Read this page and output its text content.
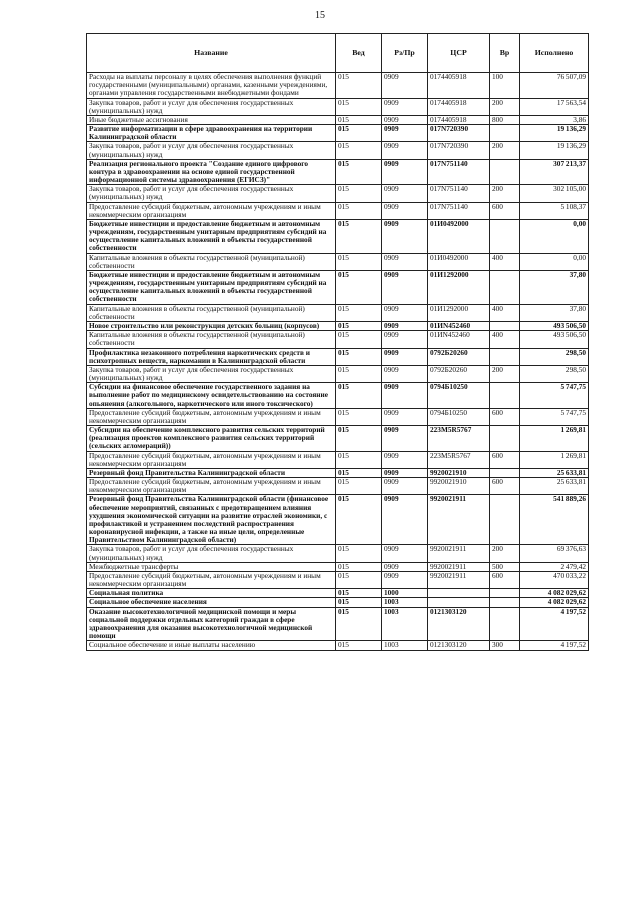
15
Название	Вед	Рз/Пр	ЦСР	Вр	Исполнено
Расходы на выплаты персоналу в целях обеспечения выполнения функций государственными (муниципальными) органами, казенными учреждениями, органами управления государственными внебюджетными фондами	015	0909	0174405918	100	76 507,09
Закупка товаров, работ и услуг для обеспечения государственных (муниципальных) нужд	015	0909	0174405918	200	17 563,54
Иные бюджетные ассигнования	015	0909	0174405918	800	3,86
Развитие информатизации в сфере здравоохранения на территории Калининградской области	015	0909	017N720390		19 136,29
Закупка товаров, работ и услуг для обеспечения государственных (муниципальных) нужд	015	0909	017N720390	200	19 136,29
Реализация регионального проекта "Создание единого цифрового контура в здравоохранении на основе единой государственной информационной системы здравоохранения (ЕГИСЗ)"	015	0909	017N751140		307 213,37
Закупка товаров, работ и услуг для обеспечения государственных (муниципальных) нужд	015	0909	017N751140	200	302 105,00
Предоставление субсидий бюджетным, автономным учреждениям и иным некоммерческим организациям	015	0909	017N751140	600	5 108,37
Бюджетные инвестиции и предоставление бюджетным и автономным учреждениям, государственным унитарным предприятиям субсидий на осуществление капитальных вложений в объекты государственной собственности	015	0909	01И0492000		0,00
Капитальные вложения в объекты государственной (муниципальной) собственности	015	0909	01И0492000	400	0,00
Бюджетные инвестиции и предоставление бюджетным и автономным учреждениям, государственным унитарным предприятиям субсидий на осуществление капитальных вложений в объекты государственной собственности	015	0909	01И1292000		37,80
Капитальные вложения в объекты государственной (муниципальной) собственности	015	0909	01И1292000	400	37,80
Новое строительство или реконструкция детских больниц (корпусов)	015	0909	01ИN452460		493 506,50
Капитальные вложения в объекты государственной (муниципальной) собственности	015	0909	01ИN452460	400	493 506,50
Профилактика незаконного потребления наркотических средств и психотропных веществ, наркомании в Калининградской области	015	0909	0792Б20260		298,50
Закупка товаров, работ и услуг для обеспечения государственных (муниципальных) нужд	015	0909	0792Б20260	200	298,50
Субсидии на финансовое обеспечение государственного задания на выполнение работ по медицинскому освидетельствованию на состояние опьянения (алкогольного, наркотического или иного токсического)	015	0909	0794Б10250		5 747,75
Предоставление субсидий бюджетным, автономным учреждениям и иным некоммерческим организациям	015	0909	0794Б10250	600	5 747,75
Субсидии на обеспечение комплексного развития сельских территорий (реализация проектов комплексного развития сельских территорий (сельских агломераций))	015	0909	223М5R5767		1 269,81
Предоставление субсидий бюджетным, автономным учреждениям и иным некоммерческим организациям	015	0909	223М5R5767	600	1 269,81
Резервный фонд Правительства Калининградской области	015	0909	9920021910		25 633,81
Предоставление субсидий бюджетным, автономным учреждениям и иным некоммерческим организациям	015	0909	9920021910	600	25 633,81
Резервный фонд Правительства Калининградской области (финансовое обеспечение мероприятий, связанных с предотвращением влияния ухудшения экономической ситуации на развитие отраслей экономики, с профилактикой и устранением последствий распространения коронавирусной инфекции, а также на иные цели, определенные Правительством Калининградской области)	015	0909	9920021911		541 889,26
Закупка товаров, работ и услуг для обеспечения государственных (муниципальных) нужд	015	0909	9920021911	200	69 376,63
Межбюджетные трансферты	015	0909	9920021911	500	2 479,42
Предоставление субсидий бюджетным, автономным учреждениям и иным некоммерческим организациям	015	0909	9920021911	600	470 033,22
Социальная политика	015	1000			4 082 029,62
Социальное обеспечение населения	015	1003			4 082 029,62
Оказание высокотехнологичной медицинской помощи и меры социальной поддержки отдельных категорий граждан в сфере здравоохранения для оказания высокотехнологичной медицинской помощи	015	1003	0121303120		4 197,52
Социальное обеспечение и иные выплаты населению	015	1003	0121303120	300	4 197,52
